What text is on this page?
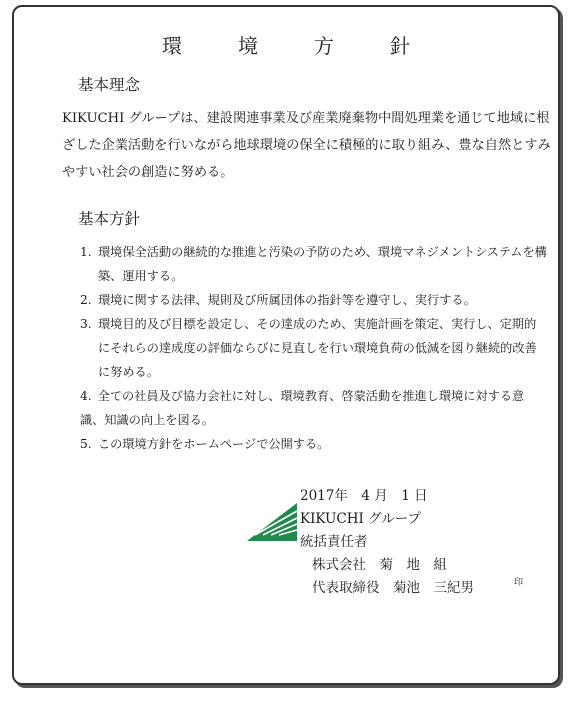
環　境　方　針
基本理念

KIKUCHI グループは、建設関連事業及び産業廃棄物中間処理業を通じて地域に根ざした企業活動を行いながら地球環境の保全に積極的に取り組み、豊な自然とすみやすい社会の創造に努める。

基本方針
1. 環境保全活動の継続的な推進と汚染の予防のため、環境マネジメントシステムを構築、運用する。
2. 環境に関する法律、規則及び所属団体の指針等を遵守し、実行する。
3. 環境目的及び目標を設定し、その達成のため、実施計画を策定、実行し、定期的にそれらの達成度の評価ならびに見直しを行い環境負荷の低減を図り継続的改善に努める。
4. 全ての社員及び協力会社に対し、環境教育、啓蒙活動を推進し環境に対する意識、知識の向上を図る。
5. この環境方針をホームページで公開する。
2017年　4 月　1 日
KIKUCHI グループ
統括責任者
株式会社　菊　地　組
代表取締役　菊池　三紀男	印
